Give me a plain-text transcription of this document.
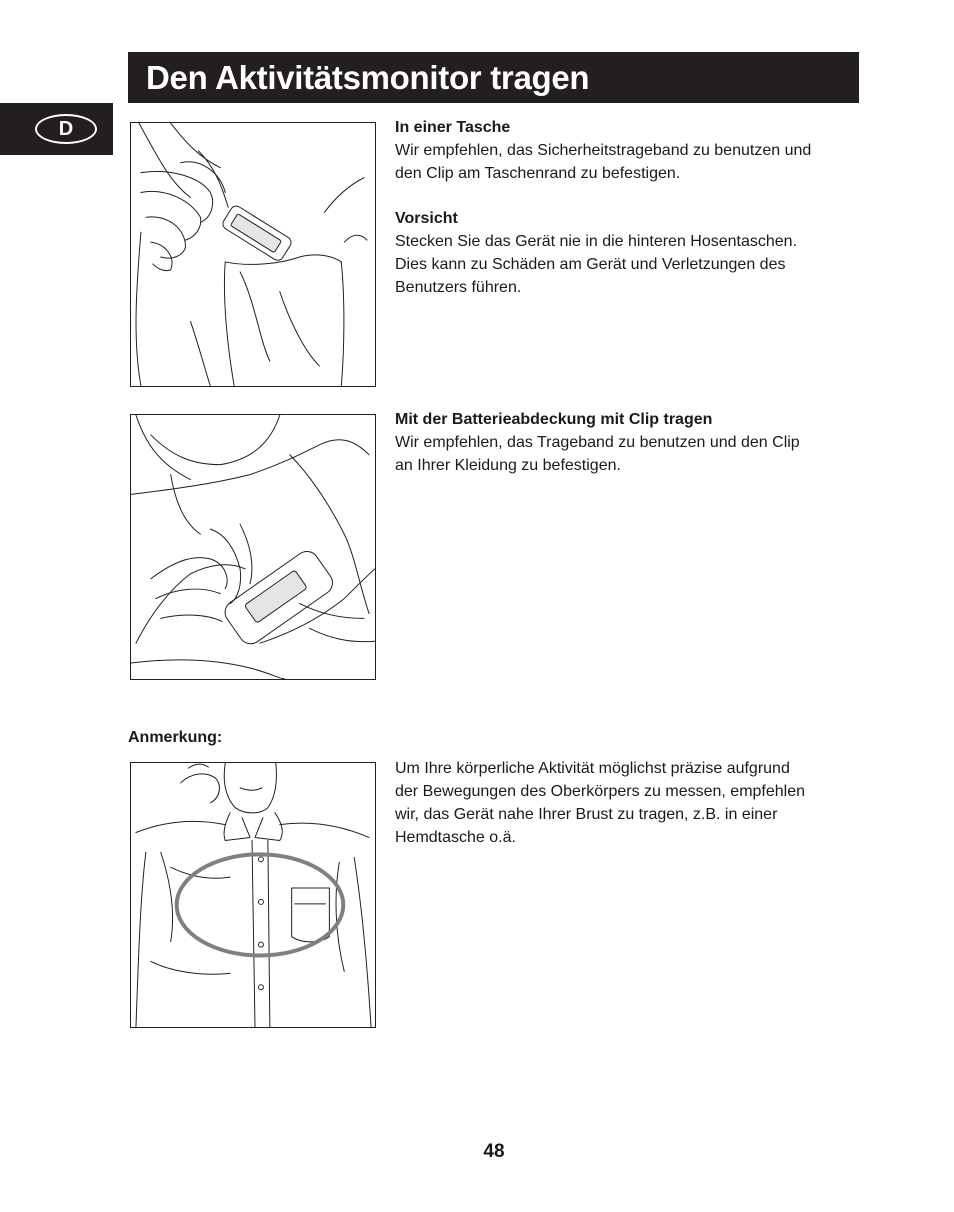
Den Aktivitätsmonitor tragen
D	In einer Tasche

Wir empfehlen, das Sicherheitstrageband zu benutzen und

den Clip am Taschenrand zu befestigen.

Vorsicht

Stecken Sie das Gerät nie in die hinteren Hosentaschen.

Dies kann zu Schäden am Gerät und Verletzungen des

Benutzers führen.

Mit der Batterieabdeckung mit Clip tragen

Wir empfehlen, das Trageband zu benutzen und den Clip

an Ihrer Kleidung zu befestigen.

Anmerkung:

Um Ihre körperliche Aktivität möglichst präzise aufgrund

der Bewegungen des Oberkörpers zu messen, empfehlen

wir, das Gerät nahe Ihrer Brust zu tragen, z.B. in einer

Hemdtasche o.ä.

48
